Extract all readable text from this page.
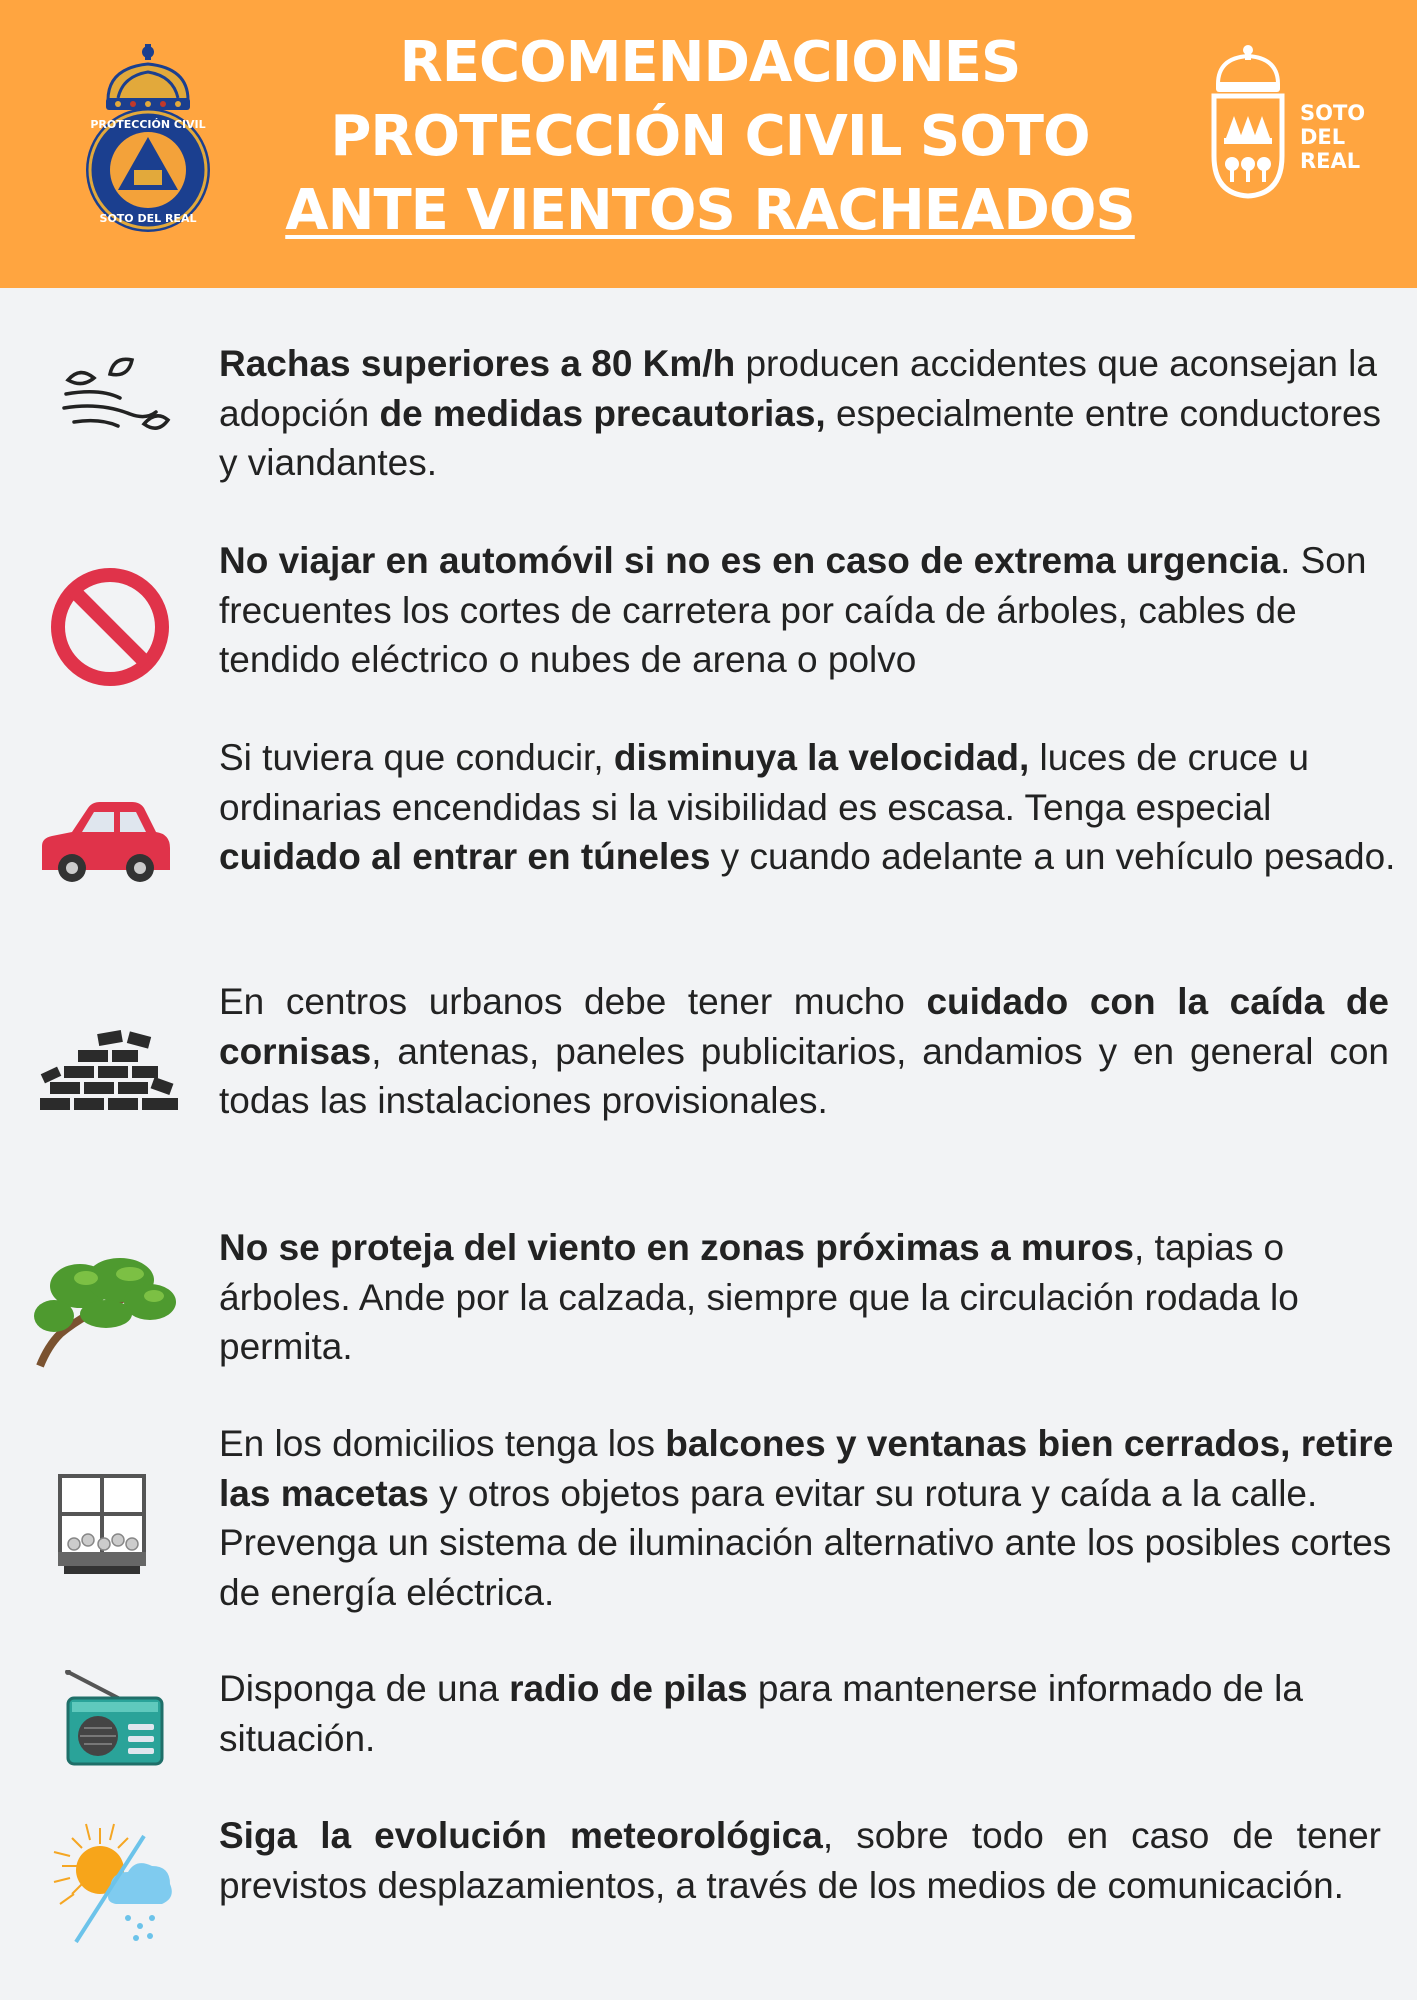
PROTECCIÓN CIVIL
SOTO DEL REAL
RECOMENDACIONES
PROTECCIÓN CIVIL SOTO
ANTE VIENTOS RACHEADOS
SOTO DEL REAL
Rachas superiores a 80 Km/h producen accidentes que aconsejan la adopción de medidas precautorias, especialmente entre conductores y viandantes.
No viajar en automóvil si no es en caso de extrema urgencia. Son frecuentes los cortes de carretera por caída de árboles, cables de tendido eléctrico o nubes de arena o polvo
Si tuviera que conducir, disminuya la velocidad, luces de cruce u ordinarias encendidas si la visibilidad es escasa. Tenga especial cuidado al entrar en túneles y cuando adelante a un vehículo pesado.
En centros urbanos debe tener mucho cuidado con la caída de cornisas, antenas, paneles publicitarios, andamios y en general con todas las instalaciones provisionales.
No se proteja del viento en zonas próximas a muros, tapias o árboles. Ande por la calzada, siempre que la circulación rodada lo permita.
En los domicilios tenga los balcones y ventanas bien cerrados, retire las macetas y otros objetos para evitar su rotura y caída a la calle. Prevenga un sistema de iluminación alternativo ante los posibles cortes de energía eléctrica.
Disponga de una radio de pilas para mantenerse informado de la situación.
Siga la evolución meteorológica, sobre todo en caso de tener previstos desplazamientos, a través de los medios de comunicación.
